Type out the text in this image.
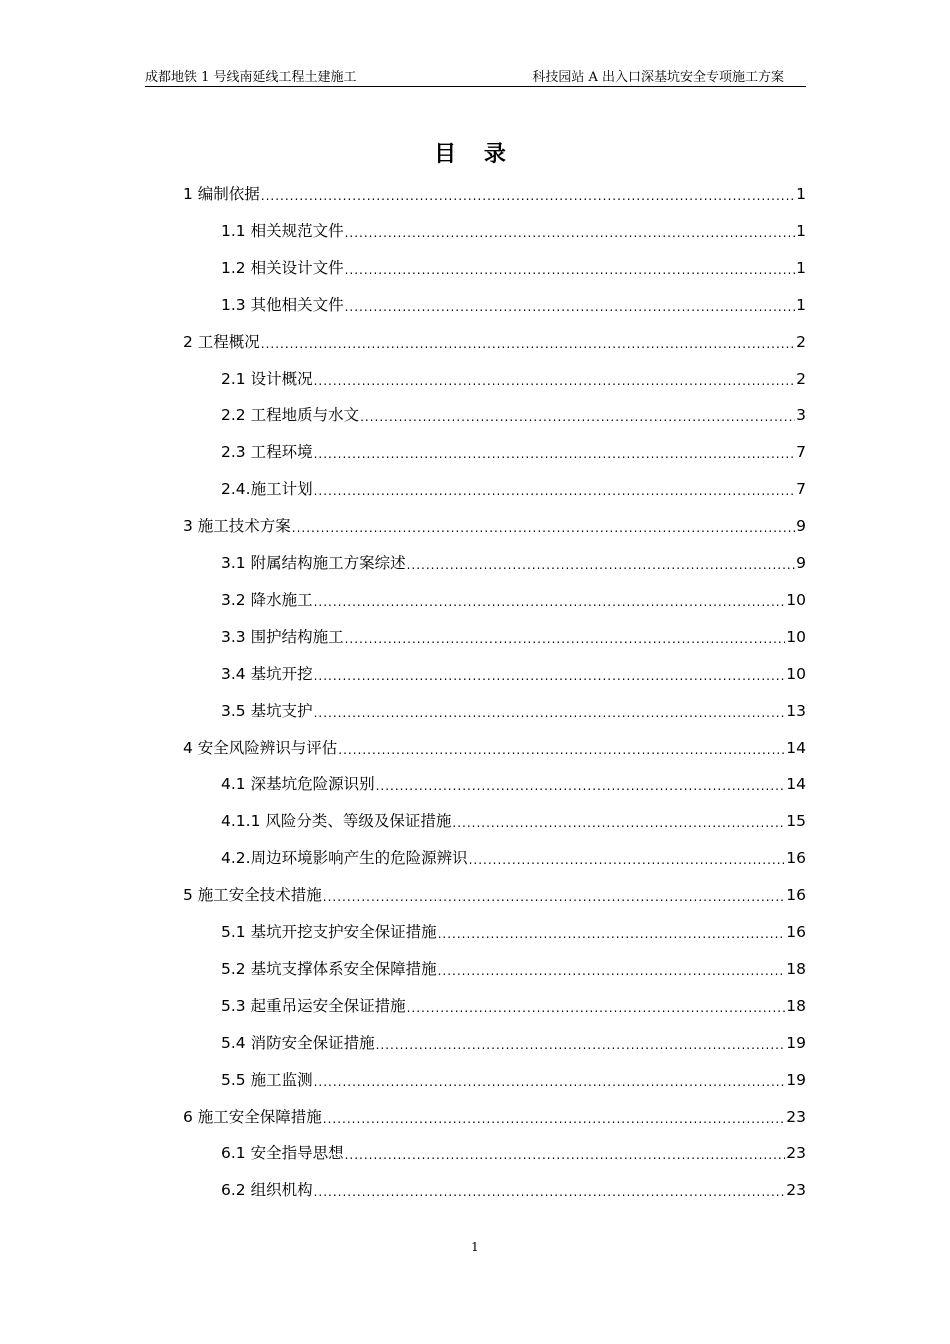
成都地铁 1 号线南延线工程土建施工	科技园站 A 出入口深基坑安全专项施工方案
目 录
1 编制依据 .....	1
1.1 相关规范文件 .....	1
1.2 相关设计文件 .....	1
1.3 其他相关文件 .....	1
2 工程概况 .....	2
2.1 设计概况 .....	2
2.2 工程地质与水文 .....	3
2.3 工程环境 .....	7
2.4.施工计划 .....	7
3 施工技术方案 .....	9
3.1 附属结构施工方案综述 .....	9
3.2 降水施工 .....	10
3.3 围护结构施工 .....	10
3.4 基坑开挖 .....	10
3.5 基坑支护 .....	13
4 安全风险辨识与评估 .....	14
4.1 深基坑危险源识别 .....	14
4.1.1 风险分类、等级及保证措施 .....	15
4.2.周边环境影响产生的危险源辨识 .....	16
5 施工安全技术措施 .....	16
5.1 基坑开挖支护安全保证措施 .....	16
5.2 基坑支撑体系安全保障措施 .....	18
5.3 起重吊运安全保证措施 .....	18
5.4 消防安全保证措施 .....	19
5.5 施工监测 .....	19
6 施工安全保障措施 .....	23
6.1 安全指导思想 .....	23
6.2 组织机构 .....	23
1
